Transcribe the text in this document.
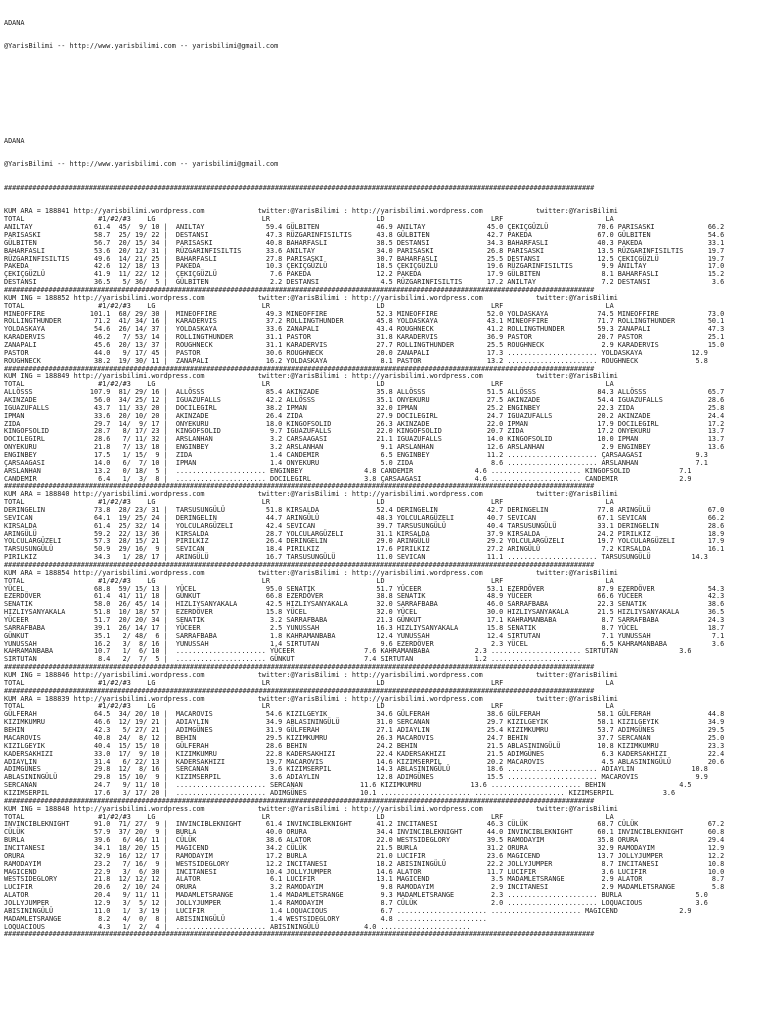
ADANA

@YarisBilimi -- http://www.yarisbilimi.com -- yarisbilimi@gmail.com

ADANA

@YarisBilimi -- http://www.yarisbilimi.com -- yarisbilimi@gmail.com

##################################################################################################################################################

KUM ARA = 188841 http://yarisbilimi.wordpress.com             twitter:@YarisBilimi : http://yarisbilimi.wordpress.com             twitter:@YarisBilimi
TOTAL                  #1/#2/#3    LG                          LR                          LD                          LRF                         LA
ANILTAY               61.4  45/  9/ 10 |  ANILTAY               59.4 GÜLBITEN              46.9 ANILTAY               45.0 ÇEKIÇGÜZLÜ            70.6 PARISASKI             66.2
PARISASKI             58.7  25/ 19/ 22 |  DESTANSI              47.3 RÜZGARINFISILTIS      43.8 GÜLBITEN              42.7 PAKEDA                67.0 GÜLBITEN              54.6
GÜLBITEN              56.7  20/ 15/ 34 |  PARISASKI             40.8 BAHARFASLI            38.5 DESTANSI              34.3 BAHARFASLI            40.3 PAKEDA                33.1
BAHARFASLI            53.6  20/ 12/ 31 |  RÜZGARINFISILTIS      33.6 ANILTAY               34.0 PARISASKI             26.8 PARISASKI             13.5 RÜZGARINFISILTIS      19.7
RÜZGARINFISILTIS      49.6  14/ 21/ 25 |  BAHARFASLI            27.8 PARISASKI             30.7 BAHARFASLI            25.5 DESTANSI              12.5 ÇEKIÇGÜZLÜ            19.7
PAKEDA                42.6  12/ 18/ 13 |  PAKEDA                10.3 ÇEKIÇGÜZLÜ            18.5 ÇEKIÇGÜZLÜ            19.6 RÜZGARINFISILTIS       9.9 ANILTAY               17.0
ÇEKIÇGÜZLÜ            41.9  11/ 22/ 12 |  ÇEKIÇGÜZLÜ             7.6 PAKEDA                12.2 PAKEDA                17.9 GÜLBITEN               8.1 BAHARFASLI            15.2
DESTANSI              36.5   5/ 36/  5 |  GÜLBITEN               2.2 DESTANSI               4.5 RÜZGARINFISILTIS      17.2 ANILTAY                7.2 DESTANSI               3.6
##################################################################################################################################################
KUM ING = 188852 http://yarisbilimi.wordpress.com             twitter:@YarisBilimi : http://yarisbilimi.wordpress.com             twitter:@YarisBilimi
TOTAL                  #1/#2/#3    LG                          LR                          LD                          LRF                         LA
MINEOFFIRE           101.1  68/ 29/ 30 |  MINEOFFIRE            49.3 MINEOFFIRE            52.3 MINEOFFIRE            52.0 YOLDASKAYA            74.5 MINEOFFIRE            73.0
ROLLINGTHUNDER        71.2  41/ 34/ 16 |  KARADERVIS            37.2 ROLLINGTHUNDER        45.8 YOLDASKAYA            43.1 MINEOFFIRE            71.7 ROLLINGTHUNDER        50.1
YOLDASKAYA            54.6  26/ 14/ 37 |  YOLDASKAYA            33.6 ZANAPALI              43.4 ROUGHNECK             41.2 ROLLINGTHUNDER        59.3 ZANAPALI              47.3
KARADERVIS            46.2   7/ 53/ 14 |  ROLLINGTHUNDER        31.1 PASTOR                31.8 KARADERVIS            36.9 PASTOR                20.7 PASTOR                25.1
ZANAPALI              45.6  20/ 13/ 37 |  ROUGHNECK             31.1 KARADERVIS            27.7 ROLLINGTHUNDER        25.5 ROUGHNECK              2.9 KARADERVIS            15.0
PASTOR                44.0   9/ 17/ 45 |  PASTOR                30.6 ROUGHNECK             20.0 ZANAPALI              17.3 ...................... YOLDASKAYA            12.9
ROUGHNECK             38.2  19/ 30/ 11 |  ZANAPALI              16.2 YOLDASKAYA             8.1 PASTOR                13.2 ...................... ROUGHNECK              5.8
##################################################################################################################################################
KUM ING = 188849 http://yarisbilimi.wordpress.com             twitter:@YarisBilimi : http://yarisbilimi.wordpress.com             twitter:@YarisBilimi
TOTAL                  #1/#2/#3    LG                          LR                          LD                          LRF                         LA
ALLÖSSS              107.9  81/ 29/ 16 |  ALLÖSSS               85.4 AKINZADE              35.8 ALLÖSSS               51.5 ALLÖSSS               84.3 ALLÖSSS               65.7
AKINZADE              56.0  34/ 25/ 12 |  IGUAZUFALLS           42.2 ALLÖSSS               35.1 ONYEKURU              27.5 AKINZADE              54.4 IGUAZUFALLS           28.6
IGUAZUFALLS           43.7  11/ 33/ 20 |  DOCILEGIRL            38.2 IPMAN                 32.0 IPMAN                 25.2 ENGINBEY              22.3 ZIDA                  25.8
IPMAN                 33.6  20/ 10/ 20 |  AKINZADE              26.4 ZIDA                  27.9 DOCILEGIRL            24.7 IGUAZUFALLS           20.2 AKINZADE              24.4
ZIDA                  29.7  14/  9/ 17 |  ONYEKURU              18.0 KINGOFSOLID           26.3 AKINZADE              22.0 IPMAN                 17.9 DOCILEGIRL            17.2
KINGOFSOLID           28.7   8/ 17/ 23 |  KINGOFSOLID            9.7 IGUAZUFALLS           22.0 KINGOFSOLID           20.7 ZIDA                  17.2 ONYEKURU              13.7
DOCILEGIRL            28.6   7/ 11/ 32 |  ARSLANHAN              3.2 CARSAAGASI            21.1 IGUAZUFALLS           14.0 KINGOFSOLID           10.0 IPMAN                 13.7
ONYEKURU              21.8   7/ 13/ 18 |  ENGINBEY               3.2 ARSLANHAN              9.1 ARSLANHAN             12.6 ARSLANHAN              2.9 ENGINBEY              13.6
ENGINBEY              17.5   1/ 15/  9 |  ZIDA                   1.4 CANDEMIR               6.5 ENGINBEY              11.2 ...................... ÇARSAAGASI             9.3
ÇARSAAGASI            14.0   6/  7/ 10 |  IPMAN                  1.4 ONYEKURU               5.0 ZIDA                   8.6 ...................... ARSLANHAN              7.1
ARSLANHAN             13.2   0/ 18/  5 |  ...................... ENGINBEY               4.8 CANDEMIR               4.6 ...................... KINGOFSOLID            7.1
CANDEMIR               6.4   1/  3/  8 |  ...................... DOCILEGIRL             3.8 ÇARSAAGASI             4.6 ...................... CANDEMIR               2.9
##################################################################################################################################################
KUM ARA = 188840 http://yarisbilimi.wordpress.com             twitter:@YarisBilimi : http://yarisbilimi.wordpress.com             twitter:@YarisBilimi
TOTAL                  #1/#2/#3    LG                          LR                          LD                          LRF                         LA
DERINGELIN            73.8  28/ 23/ 31 |  TARSUSUNGÜLÜ          51.8 KIRSALDA              52.4 DERINGELIN            42.7 DERINGELIN            77.8 ARINGÜLÜ              67.0
SEVICAN               64.1  19/ 25/ 24 |  DERINGELIN            44.7 ARINGÜLÜ              48.3 YOLCULARGÜZELI        40.7 SEVICAN               67.1 SEVICAN               66.2
KIRSALDA              61.4  25/ 32/ 14 |  YOLCULARGÜZELI        42.4 SEVICAN               39.7 TARSUSUNGÜLÜ          40.4 TARSUSUNGÜLÜ          33.1 DERINGELIN            28.6
ARINGÜLÜ              59.2  22/ 13/ 36 |  KIRSALDA              28.7 YOLCULARGÜZELI        31.1 KIRSALDA              37.9 KIRSALDA              24.2 PIRILKIZ              18.9
YOLCULARGÜZELI        57.3  28/ 15/ 21 |  PIRILKIZ              26.4 DERINGELIN            29.0 ARINGÜLÜ              29.2 YOLCULARGÜZELI        19.7 YOLCULARGÜZELI        17.9
TARSUSUNGÜLÜ          50.9  29/ 16/  9 |  SEVICAN               18.4 PIRILKIZ              17.6 PIRILKIZ              27.2 ARINGÜLÜ               7.2 KIRSALDA              16.1
PIRILKIZ              34.3   1/ 28/ 17 |  ARINGÜLÜ              16.7 TARSUSUNGÜLÜ          11.0 SEVICAN               11.1 ...................... TARSUSUNGÜLÜ          14.3
##################################################################################################################################################
KUM ARA = 188854 http://yarisbilimi.wordpress.com             twitter:@YarisBilimi : http://yarisbilimi.wordpress.com             twitter:@YarisBilimi
TOTAL                  #1/#2/#3    LG                          LR                          LD                          LRF                         LA
YÜCEL                 68.8  59/ 15/ 13 |  YÜCEL                 95.0 SENATIK               51.7 YÜCEER                53.1 EZERDÖVER             87.9 EZERDÖVER             54.3
EZERDÖVER             61.4  41/ 11/ 18 |  GÜNKUT                66.8 EZERDÖVER             38.8 SENATIK               48.9 YÜCEER                66.6 YÜCEER                42.3
SENATIK               58.0  26/ 45/ 14 |  HIZLIYSANYAKALA       42.5 HIZLIYSANYAKALA       32.0 SARRAFBABA            46.0 SARRAFBABA            22.3 SENATIK               38.6
HIZLIYSANYAKALA       51.8  10/ 18/ 57 |  EZERDÖVER             15.8 YÜCEL                 32.0 YÜCEL                 30.0 HIZLIYSANYAKALA       21.5 HIZLIYSANYAKALA       36.5
YÜCEER                51.7  20/ 20/ 34 |  SENATIK                3.2 SARRAFBABA            21.3 GÜNKUT                17.1 KAHRAMANBABA           8.7 SARRAFBABA            24.3
SARRAFBABA            39.1  26/ 14/ 17 |  YÜCEER                 2.5 YUNUSSAH              16.3 HIZLIYSANYAKALA       15.8 SENATIK                8.7 YÜCEL                 18.7
GÜNKUT                35.1   2/ 48/  6 |  SARRAFBABA             1.8 KAHRAMANBABA          12.4 YUNUSSAH              12.4 SIRTUTAN               7.1 YUNUSSAH               7.1
YUNUSSAH              16.2   3/  8/ 16 |  YUNUSSAH               1.4 SIRTUTAN               9.6 EZERDÖVER              2.3 YÜCEL                  6.5 KAHRAMANBABA           3.6
KAHRAMANBABA          10.7   1/  6/ 10 |  ...................... YÜCEER                 7.6 KAHRAMANBABA           2.3 ...................... SIRTUTAN               3.6
SIRTUTAN               8.4   2/  7/  5 |  ...................... GÜNKUT                 7.4 SIRTUTAN               1.2 ......................
##################################################################################################################################################
KUM ING = 188846 http://yarisbilimi.wordpress.com             twitter:@YarisBilimi : http://yarisbilimi.wordpress.com             twitter:@YarisBilimi
TOTAL                  #1/#2/#3    LG                          LR                          LD                          LRF                         LA
##################################################################################################################################################
KUM ARA = 188839 http://yarisbilimi.wordpress.com             twitter:@YarisBilimi : http://yarisbilimi.wordpress.com             twitter:@YarisBilimi
TOTAL                  #1/#2/#3    LG                          LR                          LD                          LRF                         LA
GÜLFERAH              64.5  34/ 20/ 10 |  MACAROVIS             54.6 KIZILGEYIK            34.6 GÜLFERAH              38.6 GÜLFERAH              58.1 GÜLFERAH              44.8
KIZIMKUMRU            46.6  12/ 19/ 21 |  ADIAYLIN              34.9 ABLASININGÜLÜ         31.0 SERCANAN              29.7 KIZILGEYIK            58.1 KIZILGEYIK            34.9
BEHIN                 42.3   5/ 27/ 21 |  ADIMGÜNES             31.9 GÜLFERAH              27.1 ADIAYLIN              25.4 KIZIMKUMRU            53.7 ADIMGÜNES             29.5
MACAROVIS             40.8  24/  8/ 12 |  BEHIN                 29.5 KIZIMKUMRU            26.3 MACAROVIS             24.7 BEHIN                 37.7 SERCANAN              25.0
KIZILGEYIK            40.4  15/ 15/ 10 |  GÜLFERAH              28.6 BEHIN                 24.2 BEHIN                 21.5 ABLASININGÜLÜ         10.8 KIZIMKUMRU            23.3
KADERSAKHIZI          33.0  17/  9/ 10 |  KIZIMKUMRU            22.8 KADERSAKHIZI          22.4 KADERSAKHIZI          21.5 ADIMGÜNES              6.3 KADERSAKHIZI          22.4
ADIAYLIN              31.4   6/ 22/ 13 |  KADERSAKHIZI          19.7 MACAROVIS             14.6 KIZIMSERPIL           20.2 MACAROVIS              4.5 ABLASININGÜLÜ         20.6
ADIMGÜNES             29.8  12/  8/ 16 |  SERCANAN               3.6 KIZIMSERPIL           14.3 ABLASININGÜLÜ         18.6 ...................... ADIAYLIN              10.8
ABLASININGÜLÜ         29.8  15/ 10/  9 |  KIZIMSERPIL            3.6 ADIAYLIN              12.8 ADIMGÜNES             15.5 ...................... MACAROVIS              9.9
SERCANAN              24.7   9/ 11/ 10 |  ...................... SERCANAN              11.6 KIZIMKUMRU            13.6 ...................... BEHIN                  4.5
KIZIMSERPIL           17.6   3/ 17/ 20 |  ...................... ADIMGÜNES             10.1 ...................... ...................... KIZIMSERPIL            3.6
##################################################################################################################################################
KUM ING = 188848 http://yarisbilimi.wordpress.com             twitter:@YarisBilimi : http://yarisbilimi.wordpress.com             twitter:@YarisBilimi
TOTAL                  #1/#2/#3    LG                          LR                          LD                          LRF                         LA
INVINCIBLEKNIGHT      91.0  71/ 27/  9 |  INVINCIBLEKNIGHT      61.4 INVINCIBLEKNIGHT      41.2 INCITANESI            46.3 CÜLÜK                 68.7 CÜLÜK                 67.2
CÜLÜK                 57.9  37/ 20/  9 |  BURLA                 40.0 ORURA                 34.4 INVINCIBLEKNIGHT      44.0 INVINCIBLEKNIGHT      60.1 INVINCIBLEKNIGHT      60.8
BURLA                 39.6   6/ 46/ 11 |  CÜLÜK                 38.6 ALATOR                22.0 WESTSIDEGLORY         39.5 RAMODAYIM             35.8 ORURA                 29.4
INCITANESI            34.1  18/ 20/ 15 |  MAGICEND              34.2 CÜLÜK                 21.5 BURLA                 31.2 ORURA                 32.9 RAMODAYIM             12.9
ORURA                 32.9  16/ 12/ 17 |  RAMODAYIM             17.2 BURLA                 21.0 LUCIFIR               23.6 MAGICEND              13.7 JOLLYJUMPER           12.2
RAMODAYIM             23.2   7/ 16/  9 |  WESTSIDEGLORY         12.2 INCITANESI            18.2 ABISININGÜLÜ          22.2 JOLLYJUMPER            8.7 INCITANESI            10.8
MAGICEND              22.9   3/  6/ 30 |  INCITANESI            10.4 JOLLYJUMPER           14.6 ALATOR                11.7 LUCIFIR                3.6 LUCIFIR               10.0
WESTSIDEGLORY         21.8  12/ 12/ 12 |  ALATOR                 6.1 LUCIFIR               13.1 MAGICEND               3.5 MADAMLETSRANGE         2.9 ALATOR                 8.7
LUCIFIR               20.6   2/ 10/ 24 |  ORURA                  3.2 RAMODAYIM              9.8 RAMODAYIM              2.9 INCITANESI             2.9 MADAMLETSRANGE         5.8
ALATOR                20.4   9/ 11/ 11 |  MADAMLETSRANGE         1.4 MADAMLETSRANGE         9.3 MADAMLETSRANGE         2.3 ...................... BURLA                  5.0
JOLLYJUMPER           12.9   3/  5/ 12 |  JOLLYJUMPER            1.4 RAMODAYIM              8.7 CÜLÜK                  2.0 ...................... LOQUACIOUS             3.6
ABISININGÜLÜ          11.0   1/  3/ 19 |  LUCIFIR                1.4 LOQUACIOUS             6.7 ...................... ...................... MAGICEND               2.9
MADAMLETSRANGE         8.2   4/  0/  8 |  ABISININGÜLÜ           1.4 WESTSIDEGLORY          4.8 ......................
LOQUACIOUS             4.3   1/  2/  4 |  ...................... ABISININGÜLÜ           4.0 ......................
##################################################################################################################################################
